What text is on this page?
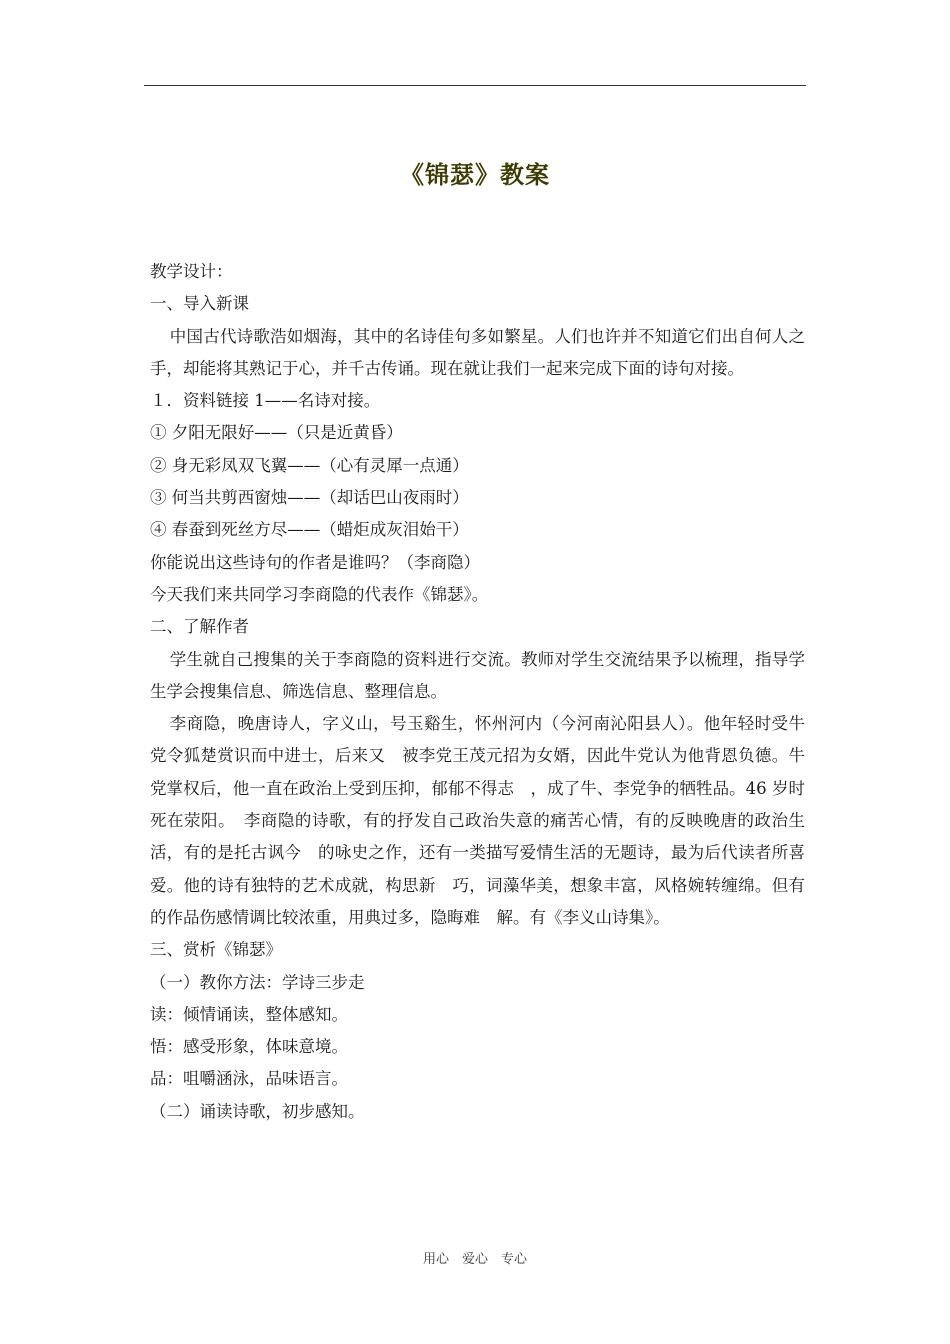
《锦瑟》教案

教学设计：

一、导入新课

中国古代诗歌浩如烟海，其中的名诗佳句多如繁星。人们也许并不知道它们出自何人之手，却能将其熟记于心，并千古传诵。现在就让我们一起来完成下面的诗句对接。

１．资料链接 1——名诗对接。

① 夕阳无限好——（只是近黄昏）

② 身无彩凤双飞翼——（心有灵犀一点通）

③ 何当共剪西窗烛——（却话巴山夜雨时）

④ 春蚕到死丝方尽——（蜡炬成灰泪始干）

你能说出这些诗句的作者是谁吗？（李商隐）

今天我们来共同学习李商隐的代表作《锦瑟》。

二、了解作者

学生就自己搜集的关于李商隐的资料进行交流。教师对学生交流结果予以梳理，指导学生学会搜集信息、筛选信息、整理信息。

李商隐，晚唐诗人，字义山，号玉谿生，怀州河内（今河南沁阳县人）。他年轻时受牛党令狐楚赏识而中进士，后来又　被李党王茂元招为女婿，因此牛党认为他背恩负德。牛党掌权后，他一直在政治上受到压抑，郁郁不得志　，成了牛、李党争的牺牲品。46 岁时死在荥阳。　李商隐的诗歌，有的抒发自己政治失意的痛苦心情，有的反映晚唐的政治生活，有的是托古讽今　的咏史之作，还有一类描写爱情生活的无题诗，最为后代读者所喜爱。他的诗有独特的艺术成就，构思新　巧，词藻华美，想象丰富，风格婉转缠绵。但有的作品伤感情调比较浓重，用典过多，隐晦难　解。有《李义山诗集》。

三、赏析《锦瑟》

（一）教你方法：学诗三步走

读：倾情诵读，整体感知。

悟：感受形象，体味意境。

品：咀嚼涵泳，品味语言。

（二）诵读诗歌，初步感知。

用心　爱心　专心
